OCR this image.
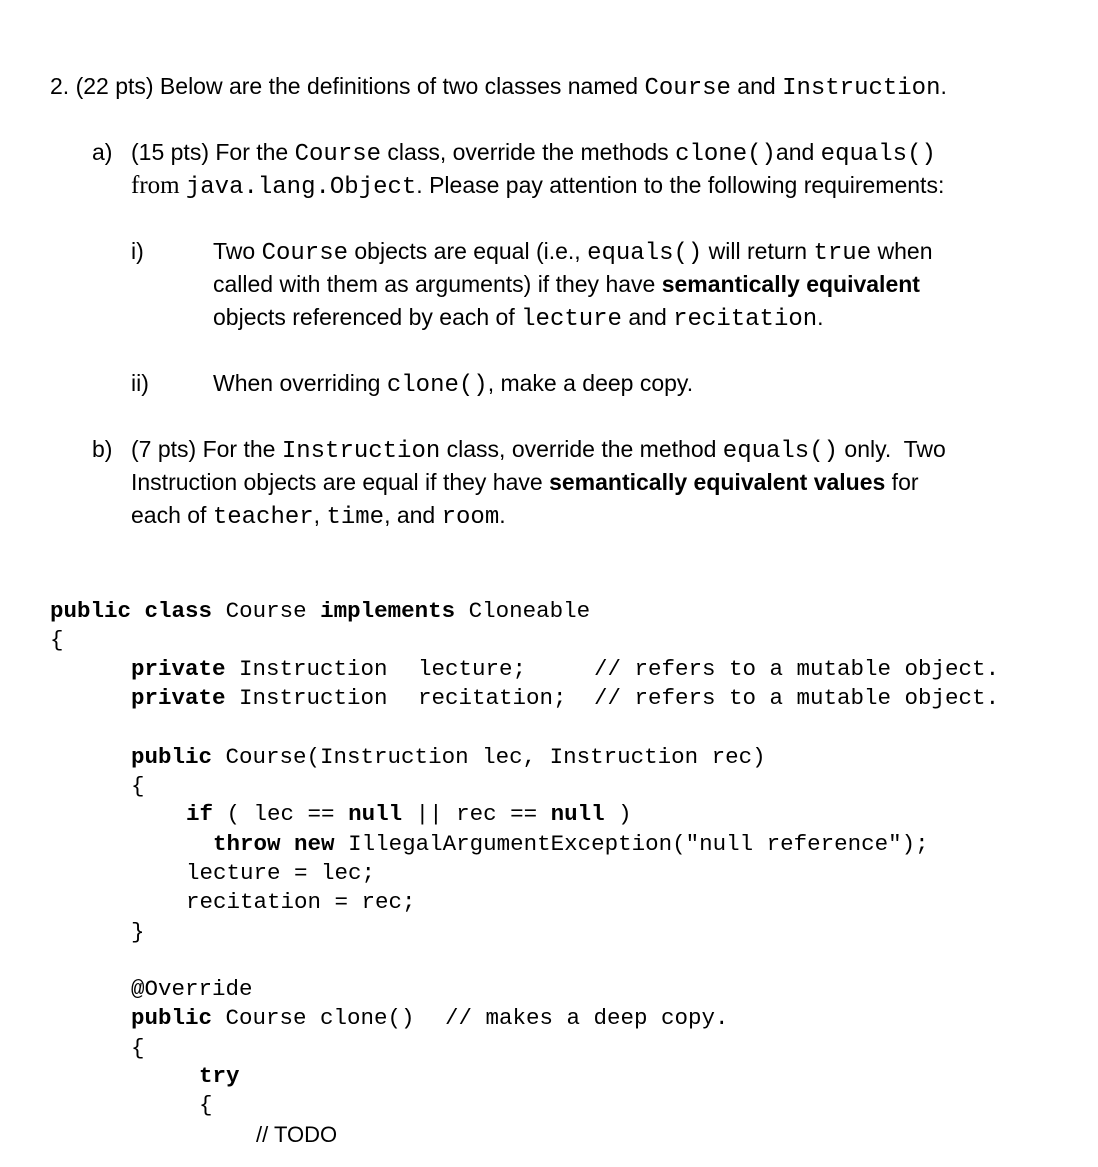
2. (22 pts) Below are the definitions of two classes named Course and Instruction.
a) (15 pts) For the Course class, override the methods clone()and equals()
from java.lang.Object. Please pay attention to the following requirements:
i)	Two Course objects are equal (i.e., equals() will return true when
called with them as arguments) if they have semantically equivalent
objects referenced by each of lecture and recitation.
ii)	When overriding clone(), make a deep copy.
b) (7 pts) For the Instruction class, override the method equals() only.  Two
Instruction objects are equal if they have semantically equivalent values for
each of teacher, time, and room.
public class Course implements Cloneable
{
private Instruction lecture;	// refers to a mutable object.
private Instruction recitation; // refers to a mutable object.
public Course(Instruction lec, Instruction rec)
{
if ( lec == null || rec == null )
throw new IllegalArgumentException("null reference");
lecture = lec;
recitation = rec;
}
@Override
public Course clone() // makes a deep copy.
{
try
{
// TODO
